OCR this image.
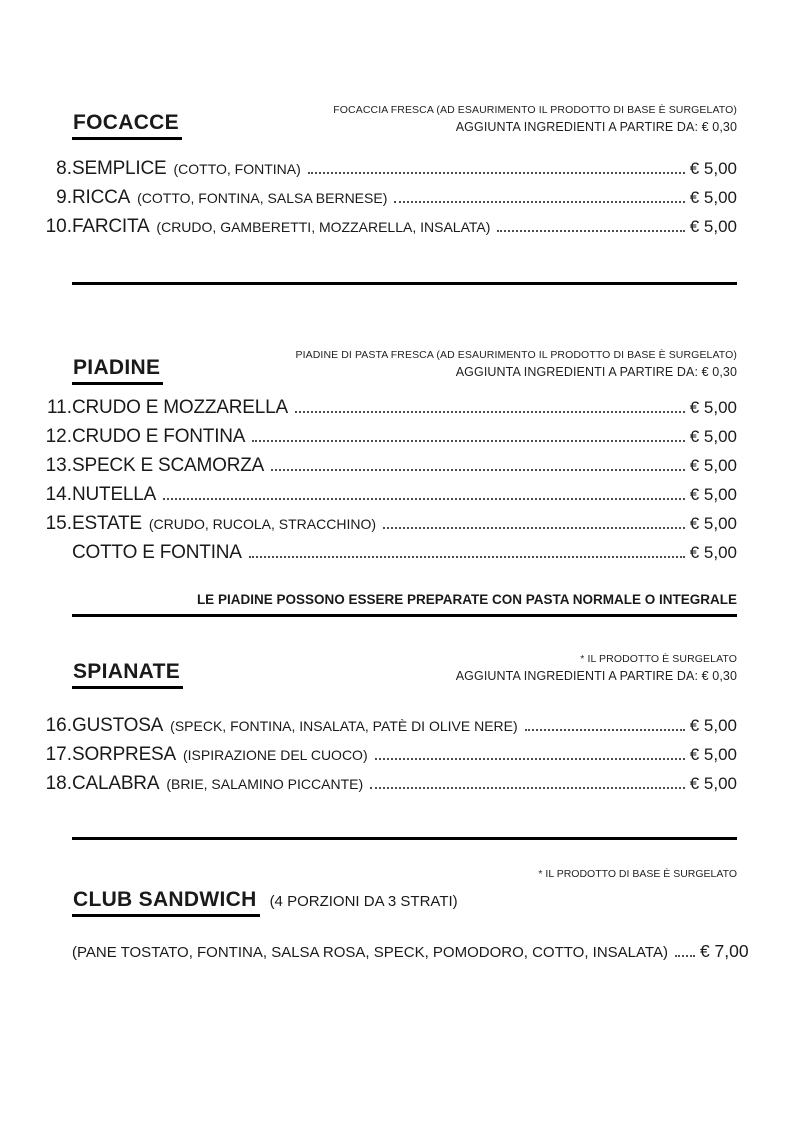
FOCACCE
FOCACCIA FRESCA (AD ESAURIMENTO IL PRODOTTO DI BASE È SURGELATO)
AGGIUNTA INGREDIENTI A PARTIRE DA: € 0,30
8. SEMPLICE (COTTO, FONTINA)	€ 5,00
9. RICCA (COTTO, FONTINA, SALSA BERNESE)	€ 5,00
10. FARCITA (CRUDO, GAMBERETTI, MOZZARELLA, INSALATA)	€ 5,00
PIADINE
PIADINE DI PASTA FRESCA (AD ESAURIMENTO IL PRODOTTO DI BASE È SURGELATO)
AGGIUNTA INGREDIENTI A PARTIRE DA: € 0,30
11. CRUDO E MOZZARELLA	€ 5,00
12. CRUDO E FONTINA	€ 5,00
13. SPECK E SCAMORZA	€ 5,00
14. NUTELLA	€ 5,00
15. ESTATE (CRUDO, RUCOLA, STRACCHINO)	€ 5,00
COTTO E FONTINA	€ 5,00
LE PIADINE POSSONO ESSERE PREPARATE CON PASTA NORMALE O INTEGRALE
SPIANATE
* IL PRODOTTO È SURGELATO
AGGIUNTA INGREDIENTI A PARTIRE DA: € 0,30
16. GUSTOSA (SPECK, FONTINA, INSALATA, PATÈ DI OLIVE NERE)	€ 5,00
17. SORPRESA (ISPIRAZIONE DEL CUOCO)	€ 5,00
18. CALABRA (BRIE, SALAMINO PICCANTE)	€ 5,00
* IL PRODOTTO DI BASE È SURGELATO
CLUB SANDWICH (4 PORZIONI DA 3 STRATI)
(PANE TOSTATO, FONTINA, SALSA ROSA, SPECK, POMODORO, COTTO, INSALATA) € 7,00
